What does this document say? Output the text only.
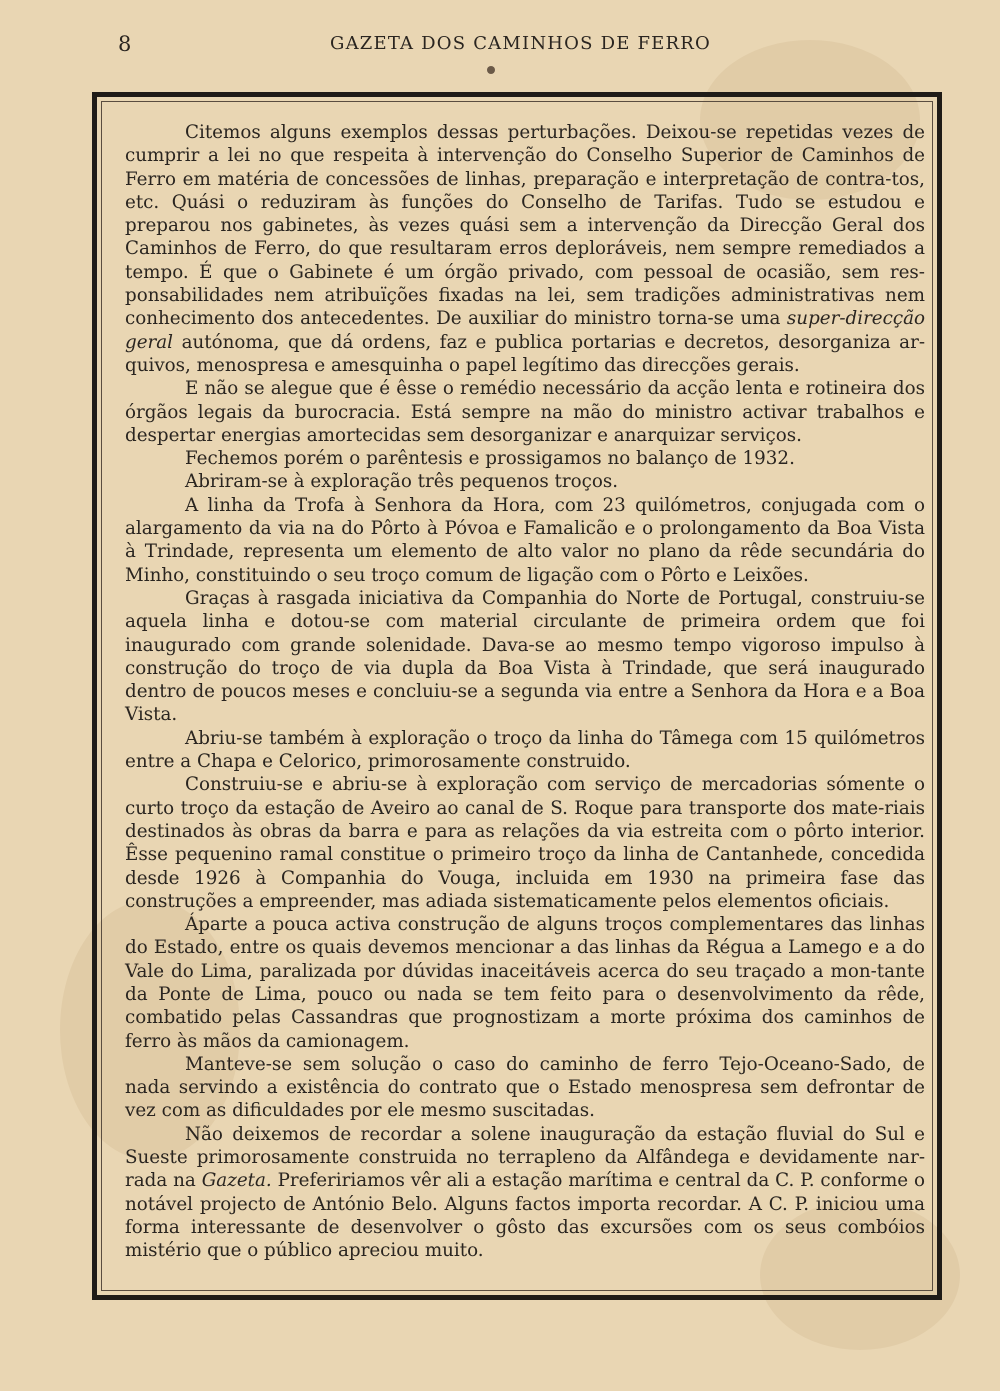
8	GAZETA DOS CAMINHOS DE FERRO

Citemos alguns exemplos dessas perturbações. Deixou-se repetidas vezes de cumprir a lei no que respeita à intervenção do Conselho Superior de Caminhos de Ferro em matéria de concessões de linhas, preparação e interpretação de contra-tos, etc. Quási o reduziram às funções do Conselho de Tarifas. Tudo se estudou e preparou nos gabinetes, às vezes quási sem a intervenção da Direcção Geral dos Caminhos de Ferro, do que resultaram erros deploráveis, nem sempre remediados a tempo. É que o Gabinete é um órgão privado, com pessoal de ocasião, sem res-ponsabilidades nem atribuïções fixadas na lei, sem tradições administrativas nem conhecimento dos antecedentes. De auxiliar do ministro torna-se uma super-direcção geral autónoma, que dá ordens, faz e publica portarias e decretos, desorganiza ar-quivos, menospresa e amesquinha o papel legítimo das direcções gerais.

E não se alegue que é êsse o remédio necessário da acção lenta e rotineira dos órgãos legais da burocracia. Está sempre na mão do ministro activar trabalhos e despertar energias amortecidas sem desorganizar e anarquizar serviços.

Fechemos porém o parêntesis e prossigamos no balanço de 1932.

Abriram-se à exploração três pequenos troços.

A linha da Trofa à Senhora da Hora, com 23 quilómetros, conjugada com o alargamento da via na do Pôrto à Póvoa e Famalicão e o prolongamento da Boa Vista à Trindade, representa um elemento de alto valor no plano da rêde secundária do Minho, constituindo o seu troço comum de ligação com o Pôrto e Leixões.

Graças à rasgada iniciativa da Companhia do Norte de Portugal, construiu-se aquela linha e dotou-se com material circulante de primeira ordem que foi inaugurado com grande solenidade. Dava-se ao mesmo tempo vigoroso impulso à construção do troço de via dupla da Boa Vista à Trindade, que será inaugurado dentro de poucos meses e concluiu-se a segunda via entre a Senhora da Hora e a Boa Vista.

Abriu-se também à exploração o troço da linha do Tâmega com 15 quilómetros entre a Chapa e Celorico, primorosamente construido.

Construiu-se e abriu-se à exploração com serviço de mercadorias sómente o curto troço da estação de Aveiro ao canal de S. Roque para transporte dos mate-riais destinados às obras da barra e para as relações da via estreita com o pôrto interior. Êsse pequenino ramal constitue o primeiro troço da linha de Cantanhede, concedida desde 1926 à Companhia do Vouga, incluida em 1930 na primeira fase das construções a empreender, mas adiada sistematicamente pelos elementos oficiais.

Áparte a pouca activa construção de alguns troços complementares das linhas do Estado, entre os quais devemos mencionar a das linhas da Régua a Lamego e a do Vale do Lima, paralizada por dúvidas inaceitáveis acerca do seu traçado a mon-tante da Ponte de Lima, pouco ou nada se tem feito para o desenvolvimento da rêde, combatido pelas Cassandras que prognostizam a morte próxima dos caminhos de ferro às mãos da camionagem.

Manteve-se sem solução o caso do caminho de ferro Tejo-Oceano-Sado, de nada servindo a existência do contrato que o Estado menospresa sem defrontar de vez com as dificuldades por ele mesmo suscitadas.

Não deixemos de recordar a solene inauguração da estação fluvial do Sul e Sueste primorosamente construida no terrapleno da Alfândega e devidamente nar-rada na Gazeta. Prefeririamos vêr ali a estação marítima e central da C. P. conforme o notável projecto de António Belo. Alguns factos importa recordar. A C. P. iniciou uma forma interessante de desenvolver o gôsto das excursões com os seus combóios mistério que o público apreciou muito.
